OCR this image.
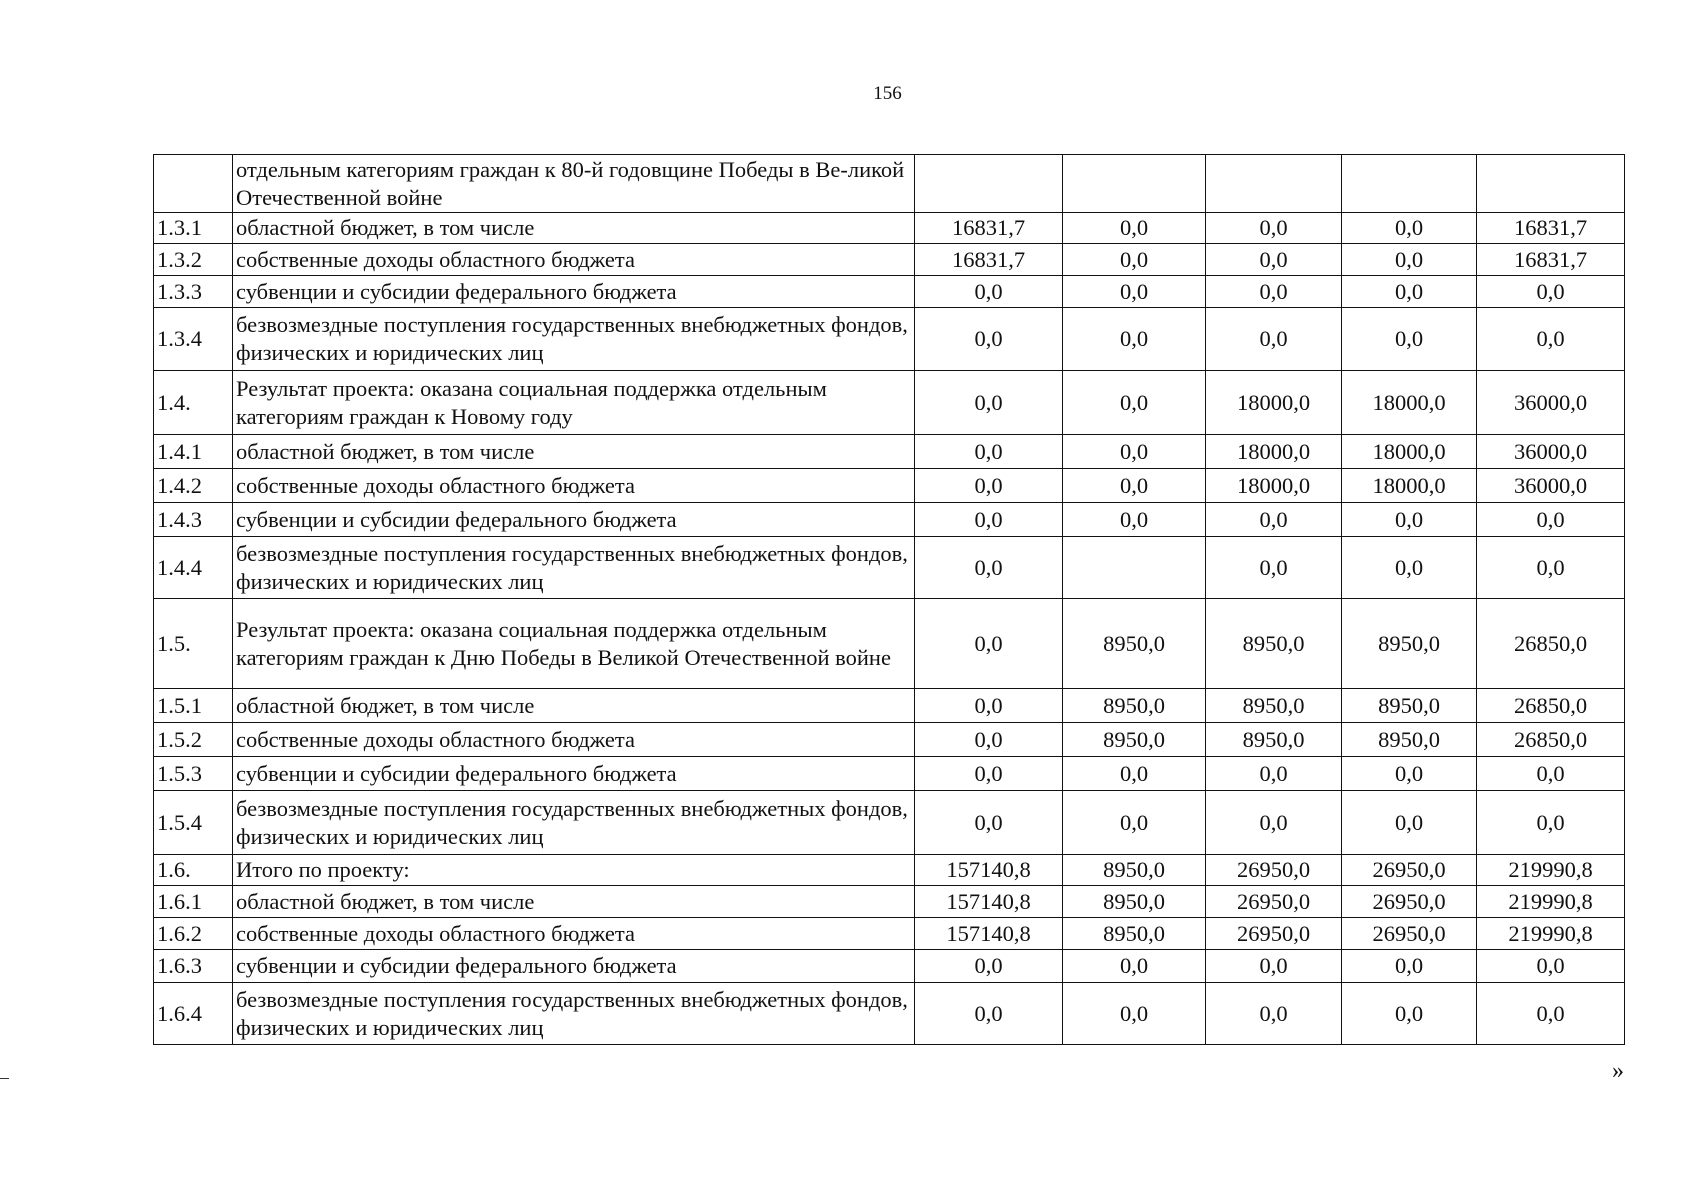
156
	отдельным категориям граждан к 80-й годовщине Победы в Ве-ликой Отечественной войне					
1.3.1	областной бюджет, в том числе	16831,7	0,0	0,0	0,0	16831,7
1.3.2	собственные доходы областного бюджета	16831,7	0,0	0,0	0,0	16831,7
1.3.3	субвенции и субсидии федерального бюджета	0,0	0,0	0,0	0,0	0,0
1.3.4	безвозмездные поступления государственных внебюджетных фондов, физических и юридических лиц	0,0	0,0	0,0	0,0	0,0
1.4.	Результат проекта: оказана социальная поддержка отдельным категориям граждан к Новому году	0,0	0,0	18000,0	18000,0	36000,0
1.4.1	областной бюджет, в том числе	0,0	0,0	18000,0	18000,0	36000,0
1.4.2	собственные доходы областного бюджета	0,0	0,0	18000,0	18000,0	36000,0
1.4.3	субвенции и субсидии федерального бюджета	0,0	0,0	0,0	0,0	0,0
1.4.4	безвозмездные поступления государственных внебюджетных фондов, физических и юридических лиц	0,0		0,0	0,0	0,0
1.5.	Результат проекта: оказана социальная поддержка отдельным категориям граждан к Дню Победы в Великой Отечественной войне	0,0	8950,0	8950,0	8950,0	26850,0
1.5.1	областной бюджет, в том числе	0,0	8950,0	8950,0	8950,0	26850,0
1.5.2	собственные доходы областного бюджета	0,0	8950,0	8950,0	8950,0	26850,0
1.5.3	субвенции и субсидии федерального бюджета	0,0	0,0	0,0	0,0	0,0
1.5.4	безвозмездные поступления государственных внебюджетных фондов, физических и юридических лиц	0,0	0,0	0,0	0,0	0,0
1.6.	Итого по проекту:	157140,8	8950,0	26950,0	26950,0	219990,8
1.6.1	областной бюджет, в том числе	157140,8	8950,0	26950,0	26950,0	219990,8
1.6.2	собственные доходы областного бюджета	157140,8	8950,0	26950,0	26950,0	219990,8
1.6.3	субвенции и субсидии федерального бюджета	0,0	0,0	0,0	0,0	0,0
1.6.4	безвозмездные поступления государственных внебюджетных фондов, физических и юридических лиц	0,0	0,0	0,0	0,0	0,0
»
